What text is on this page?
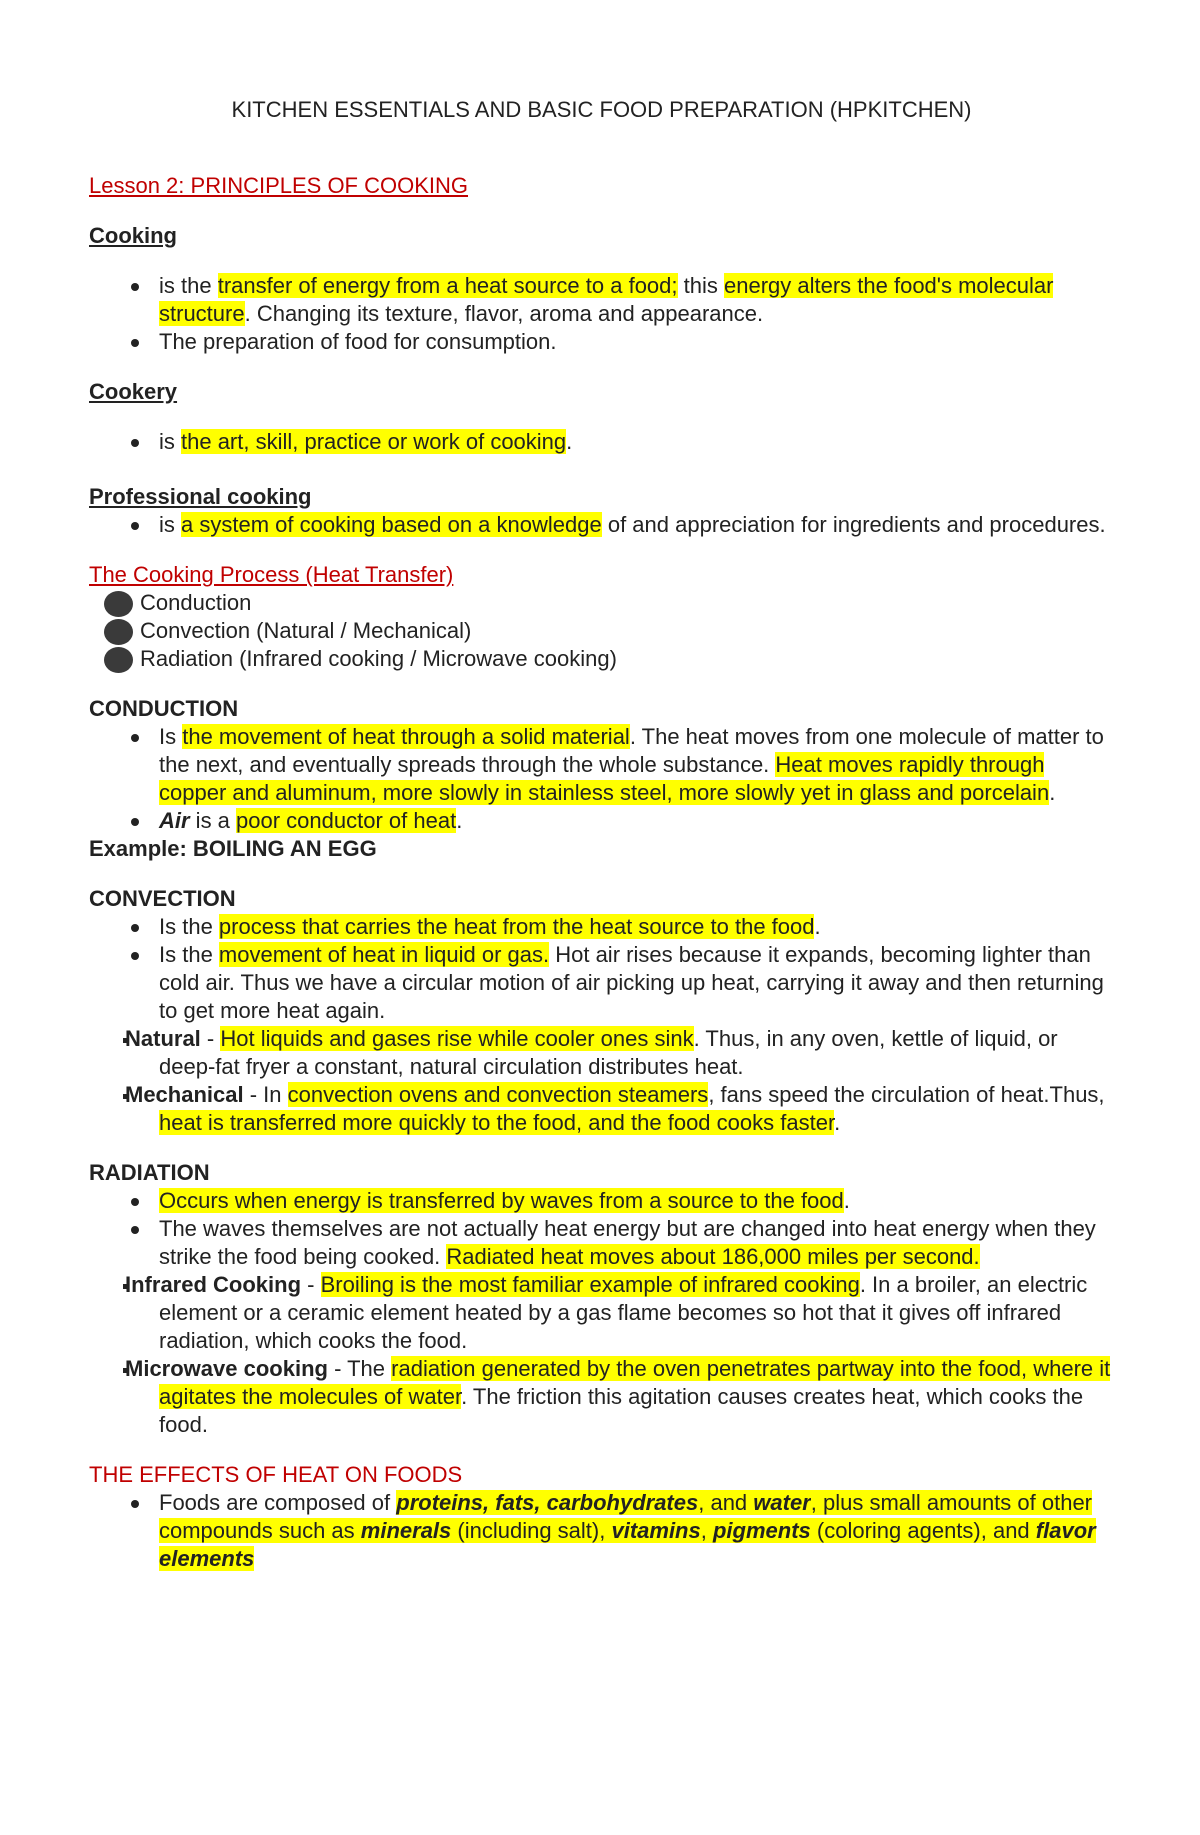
KITCHEN ESSENTIALS AND BASIC FOOD PREPARATION (HPKITCHEN)

Lesson 2: PRINCIPLES OF COOKING

Cooking

is the transfer of energy from a heat source to a food; this energy alters the food's molecular structure. Changing its texture, flavor, aroma and appearance.
The preparation of food for consumption.

Cookery

is the art, skill, practice or work of cooking.

Professional cooking

is a system of cooking based on a knowledge of and appreciation for ingredients and procedures.

The Cooking Process (Heat Transfer)

Conduction
Convection (Natural / Mechanical)
Radiation (Infrared cooking / Microwave cooking)

CONDUCTION

Is the movement of heat through a solid material. The heat moves from one molecule of matter to the next, and eventually spreads through the whole substance. Heat moves rapidly through copper and aluminum, more slowly in stainless steel, more slowly yet in glass and porcelain.
Air is a poor conductor of heat.

Example: BOILING AN EGG

CONVECTION

Is the process that carries the heat from the heat source to the food.
Is the movement of heat in liquid or gas. Hot air rises because it expands, becoming lighter than cold air. Thus we have a circular motion of air picking up heat, carrying it away and then returning to get more heat again.
Natural - Hot liquids and gases rise while cooler ones sink. Thus, in any oven, kettle of liquid, or deep-fat fryer a constant, natural circulation distributes heat.
Mechanical - In convection ovens and convection steamers, fans speed the circulation of heat.Thus, heat is transferred more quickly to the food, and the food cooks faster.

RADIATION

Occurs when energy is transferred by waves from a source to the food.
The waves themselves are not actually heat energy but are changed into heat energy when they strike the food being cooked. Radiated heat moves about 186,000 miles per second.
Infrared Cooking - Broiling is the most familiar example of infrared cooking. In a broiler, an electric element or a ceramic element heated by a gas flame becomes so hot that it gives off infrared radiation, which cooks the food.
Microwave cooking - The radiation generated by the oven penetrates partway into the food, where it agitates the molecules of water. The friction this agitation causes creates heat, which cooks the food.

THE EFFECTS OF HEAT ON FOODS

Foods are composed of proteins, fats, carbohydrates, and water, plus small amounts of other compounds such as minerals (including salt), vitamins, pigments (coloring agents), and flavor elements
